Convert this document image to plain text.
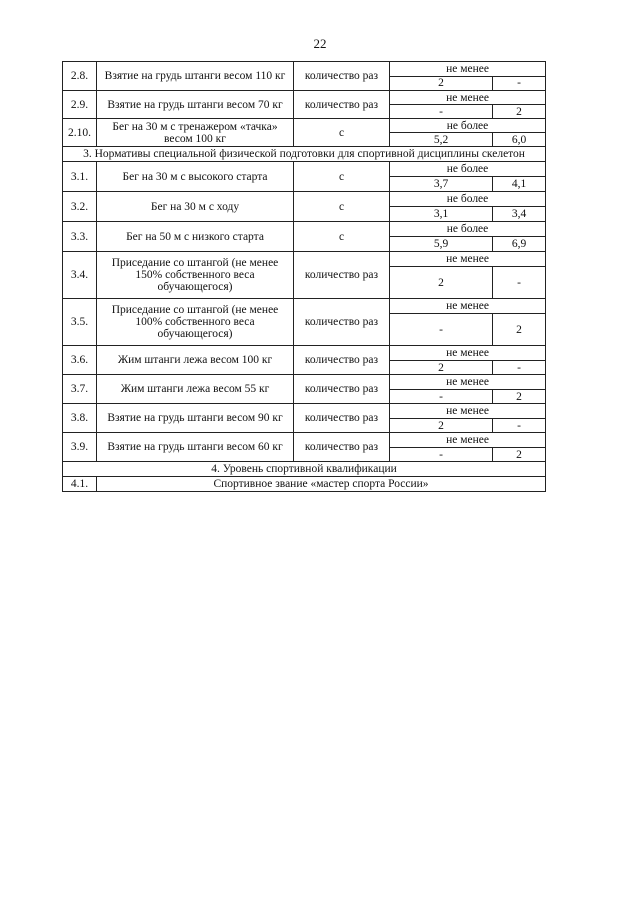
22
2.8.	Взятие на грудь штанги весом 110 кг	количество раз	не менее	
			2	-
2.9.	Взятие на грудь штанги весом 70 кг	количество раз	не менее	
			-	2
2.10.	Бег на 30 м с тренажером «тачка» весом 100 кг	с	не более	
			5,2	6,0
3. Нормативы специальной физической подготовки для спортивной дисциплины скелетон				
3.1.	Бег на 30 м с высокого старта	с	не более	
			3,7	4,1
3.2.	Бег на 30 м с ходу	с	не более	
			3,1	3,4
3.3.	Бег на 50 м с низкого старта	с	не более	
			5,9	6,9
3.4.	Приседание со штангой (не менее 150% собственного веса обучающегося)	количество раз	не менее	
			2	-
3.5.	Приседание со штангой (не менее 100% собственного веса обучающегося)	количество раз	не менее	
			-	2
3.6.	Жим штанги лежа весом 100 кг	количество раз	не менее	
			2	-
3.7.	Жим штанги лежа весом 55 кг	количество раз	не менее	
			-	2
3.8.	Взятие на грудь штанги весом 90 кг	количество раз	не менее	
			2	-
3.9.	Взятие на грудь штанги весом 60 кг	количество раз	не менее	
			-	2
4. Уровень спортивной квалификации				
4.1.	Спортивное звание «мастер спорта России»			
